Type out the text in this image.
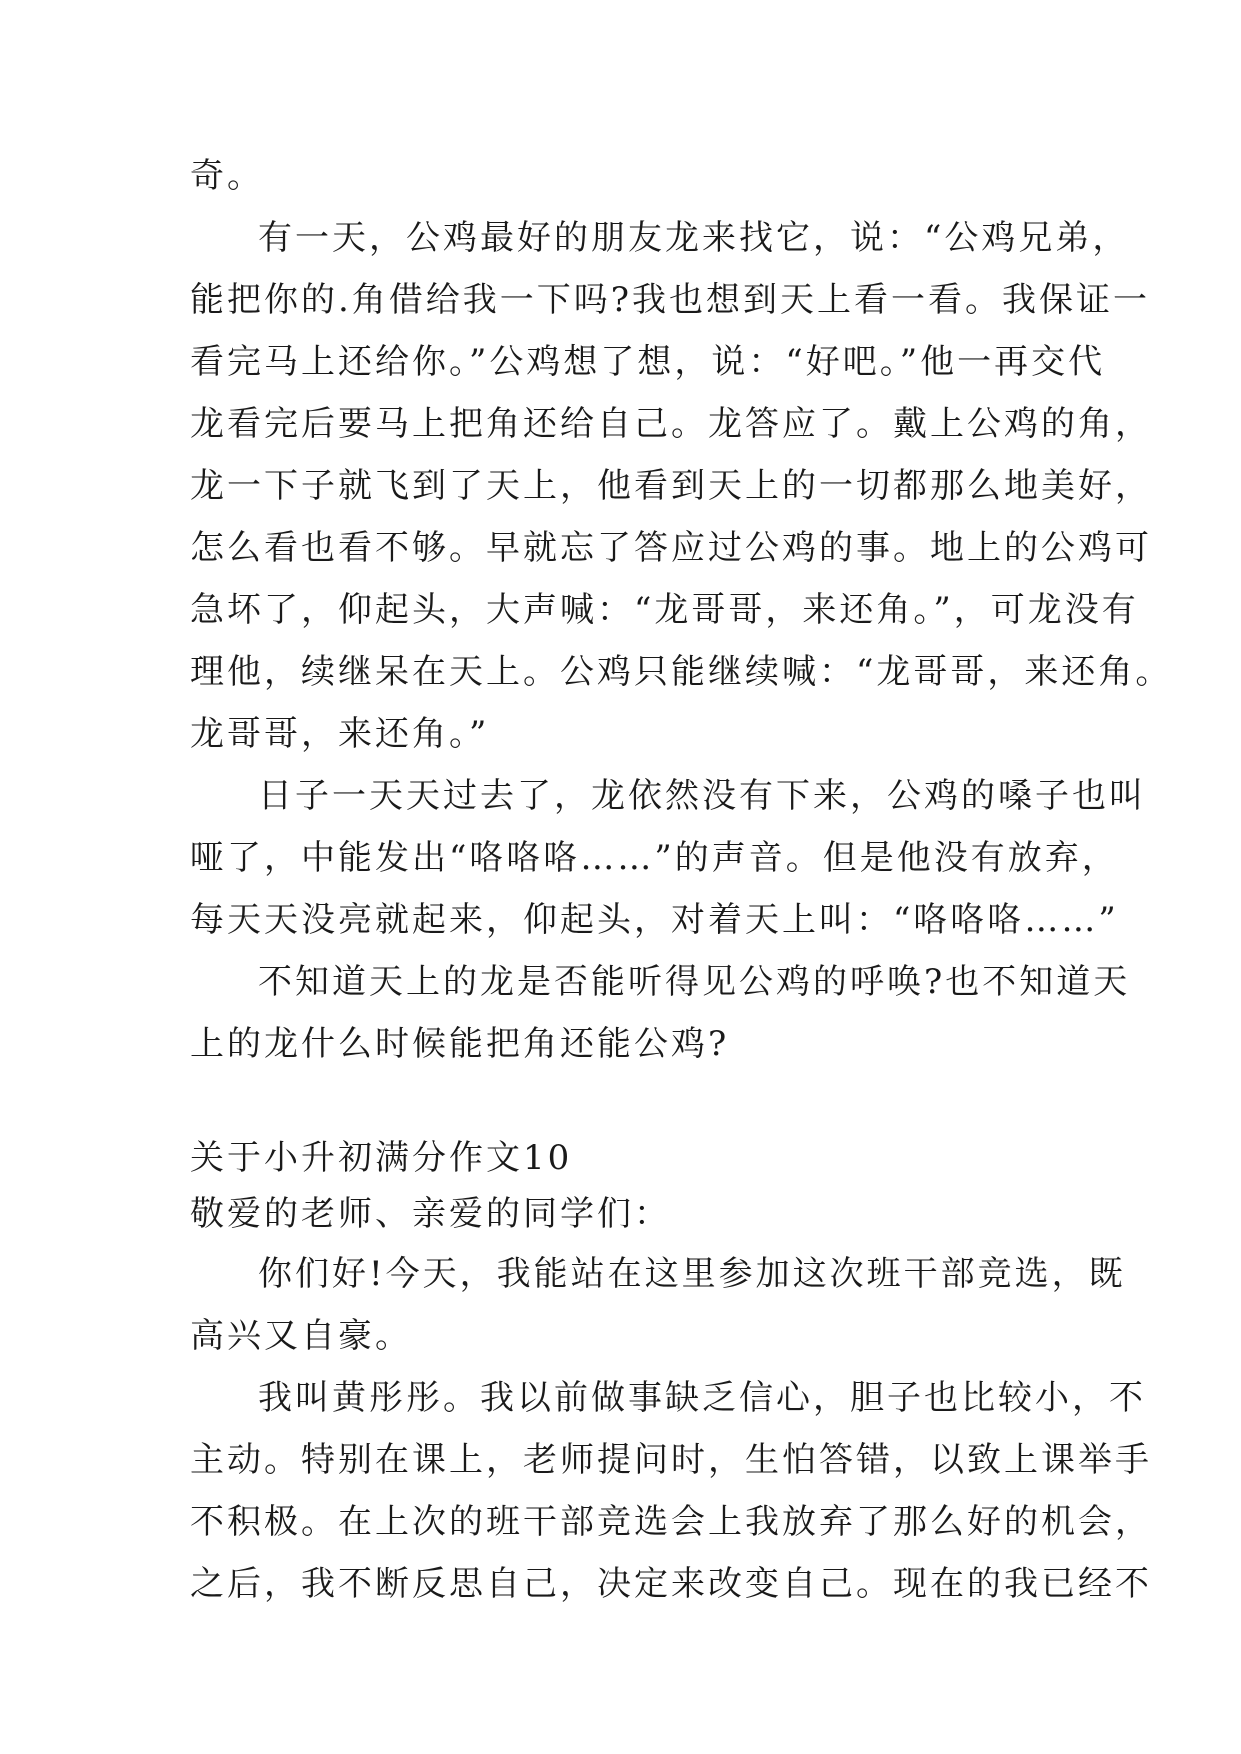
奇。
有一天，公鸡最好的朋友龙来找它，说：“公鸡兄弟，
能把你的.角借给我一下吗?我也想到天上看一看。我保证一
看完马上还给你。”公鸡想了想，说：“好吧。”他一再交代
龙看完后要马上把角还给自己。龙答应了。戴上公鸡的角，
龙一下子就飞到了天上，他看到天上的一切都那么地美好，
怎么看也看不够。早就忘了答应过公鸡的事。地上的公鸡可
急坏了，仰起头，大声喊：“龙哥哥，来还角。”，可龙没有
理他，续继呆在天上。公鸡只能继续喊：“龙哥哥，来还角。
龙哥哥，来还角。”
日子一天天过去了，龙依然没有下来，公鸡的嗓子也叫
哑了，中能发出“咯咯咯……”的声音。但是他没有放弃，
每天天没亮就起来，仰起头，对着天上叫：“咯咯咯……”
不知道天上的龙是否能听得见公鸡的呼唤?也不知道天
上的龙什么时候能把角还能公鸡?
关于小升初满分作文10
敬爱的老师、亲爱的同学们：
你们好!今天，我能站在这里参加这次班干部竞选，既
高兴又自豪。
我叫黄彤彤。我以前做事缺乏信心，胆子也比较小，不
主动。特别在课上，老师提问时，生怕答错，以致上课举手
不积极。在上次的班干部竞选会上我放弃了那么好的机会，
之后，我不断反思自己，决定来改变自己。现在的我已经不
